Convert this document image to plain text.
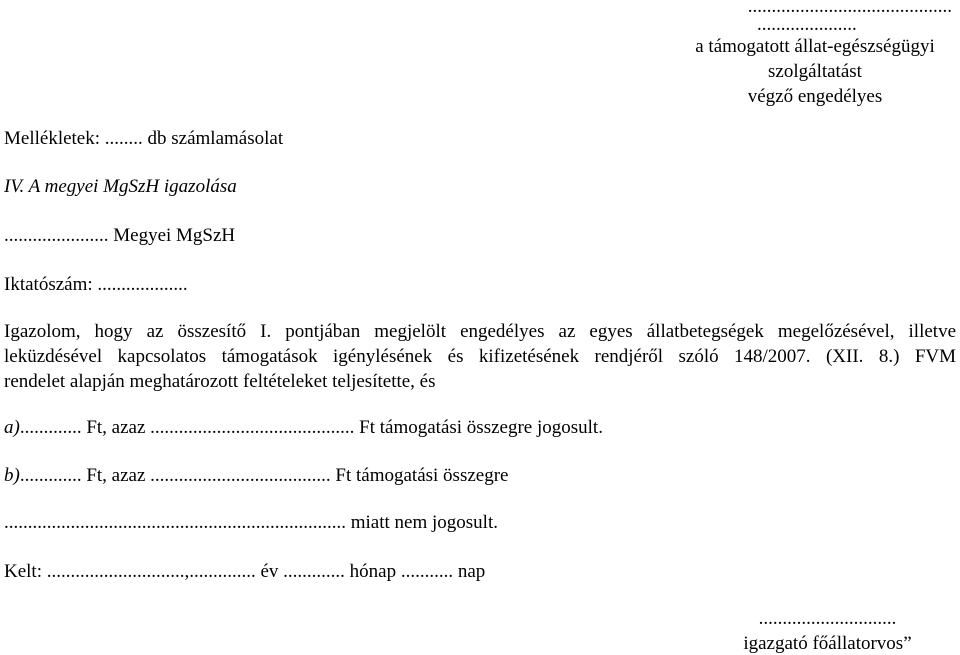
...........................................
.....................
a támogatott állat-egészségügyi
szolgáltatást
végző engedélyes
Mellékletek: ........ db számlamásolat
IV. A megyei MgSzH igazolása
...................... Megyei MgSzH
Iktatószám: ...................
Igazolom, hogy az összesítő I. pontjában megjelölt engedélyes az egyes állatbetegségek megelőzésével, illetve
leküzdésével kapcsolatos támogatások igénylésének és kifizetésének rendjéről szóló 148/2007. (XII. 8.) FVM
rendelet alapján meghatározott feltételeket teljesítette, és
a)............. Ft, azaz ........................................... Ft támogatási összegre jogosult.
b)............. Ft, azaz ...................................... Ft támogatási összegre
........................................................................ miatt nem jogosult.
Kelt: .............................,.............. év ............. hónap ........... nap
.............................
igazgató főállatorvos”
